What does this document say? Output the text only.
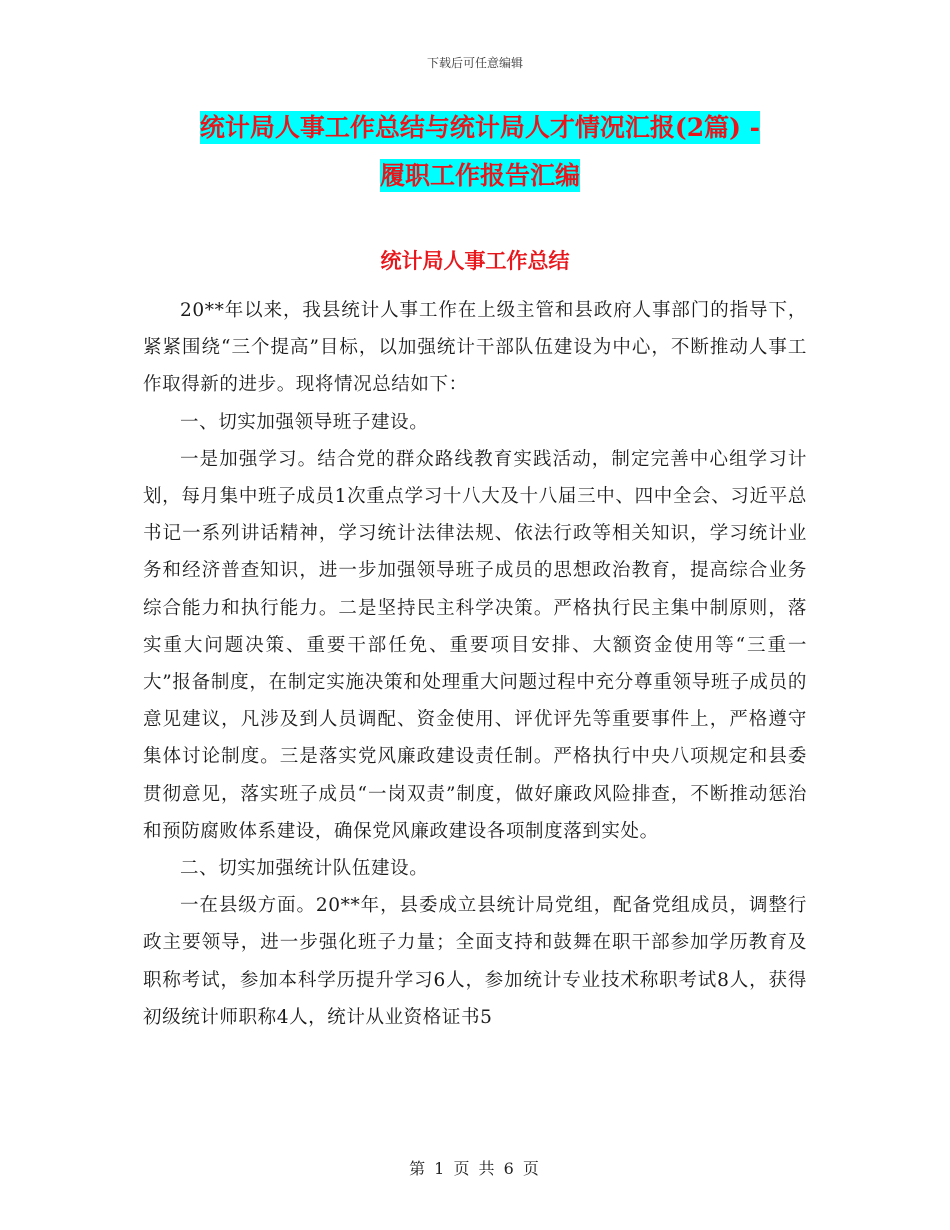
下载后可任意编辑
统计局人事工作总结与统计局人才情况汇报(2篇) -
履职工作报告汇编
统计局人事工作总结

20**年以来，我县统计人事工作在上级主管和县政府人事部门的指导下，紧紧围绕“三个提高”目标，以加强统计干部队伍建设为中心，不断推动人事工作取得新的进步。现将情况总结如下：

一、切实加强领导班子建设。

一是加强学习。结合党的群众路线教育实践活动，制定完善中心组学习计划，每月集中班子成员1次重点学习十八大及十八届三中、四中全会、习近平总书记一系列讲话精神，学习统计法律法规、依法行政等相关知识，学习统计业务和经济普查知识，进一步加强领导班子成员的思想政治教育，提高综合业务综合能力和执行能力。二是坚持民主科学决策。严格执行民主集中制原则，落实重大问题决策、重要干部任免、重要项目安排、大额资金使用等“三重一大”报备制度，在制定实施决策和处理重大问题过程中充分尊重领导班子成员的意见建议，凡涉及到人员调配、资金使用、评优评先等重要事件上，严格遵守集体讨论制度。三是落实党风廉政建设责任制。严格执行中央八项规定和县委贯彻意见，落实班子成员“一岗双责”制度，做好廉政风险排查，不断推动惩治和预防腐败体系建设，确保党风廉政建设各项制度落到实处。

二、切实加强统计队伍建设。

一在县级方面。20**年，县委成立县统计局党组，配备党组成员，调整行政主要领导，进一步强化班子力量；全面支持和鼓舞在职干部参加学历教育及职称考试，参加本科学历提升学习6人，参加统计专业技术称职考试8人，获得初级统计师职称4人，统计从业资格证书5

第 1 页 共 6 页
